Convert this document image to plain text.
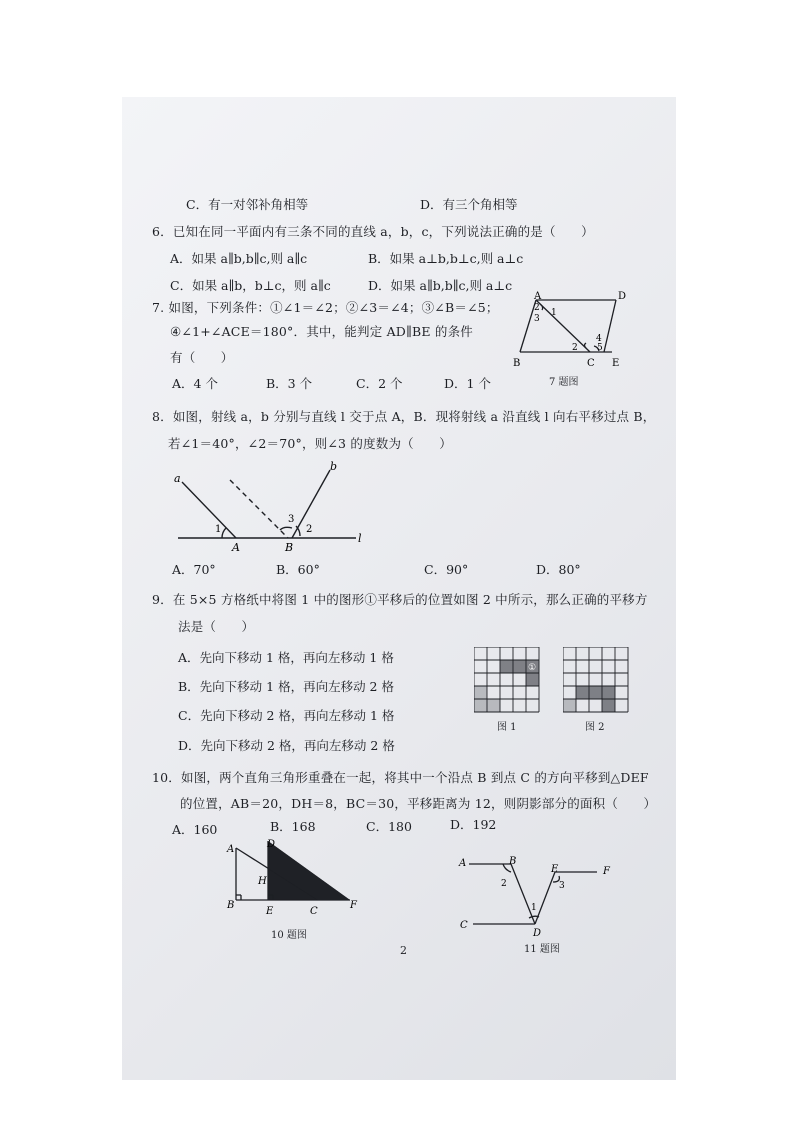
C．有一对邻补角相等	D．有三个角相等
6．已知在同一平面内有三条不同的直线 a，b，c，下列说法正确的是（　　）
A．如果 a∥b,b∥c,则 a∥c	B．如果 a⊥b,b⊥c,则 a⊥c
C．如果 a∥b，b⊥c，则 a∥c	D．如果 a∥b,b∥c,则 a⊥c
7. 如图，下列条件：①∠1＝∠2；②∠3＝∠4；③∠B＝∠5；
④∠1+∠ACE＝180°．其中，能判定 AD∥BE 的条件
有（　　）
A．4 个	B．3 个	C．2 个	D．1 个
A	D
B	C E
1
2
3
4
2 5
7 题图
8．如图，射线 a，b 分别与直线 l 交于点 A，B．现将射线 a 沿直线 l 向右平移过点 B，
若∠1＝40°，∠2＝70°，则∠3 的度数为（　　）
a
b
l
A	B
1	2
3
A．70°	B．60°	C．90°	D．80°
9．在 5×5 方格纸中将图 1 中的图形①平移后的位置如图 2 中所示，那么正确的平移方
法是（　　）
A．先向下移动 1 格，再向左移动 1 格
B．先向下移动 1 格，再向左移动 2 格
C．先向下移动 2 格，再向左移动 1 格
D．先向下移动 2 格，再向左移动 2 格
①
图 1	图 2
10．如图，两个直角三角形重叠在一起，将其中一个沿点 B 到点 C 的方向平移到△DEF
的位置，AB＝20，DH＝8，BC＝30，平移距离为 12，则阴影部分的面积（　　）
A．160	B．168	C．180	D．192
A	D
H
B
E	C
F
10 题图
A	B
E	F
C
D
1
2	3
11 题图
2
